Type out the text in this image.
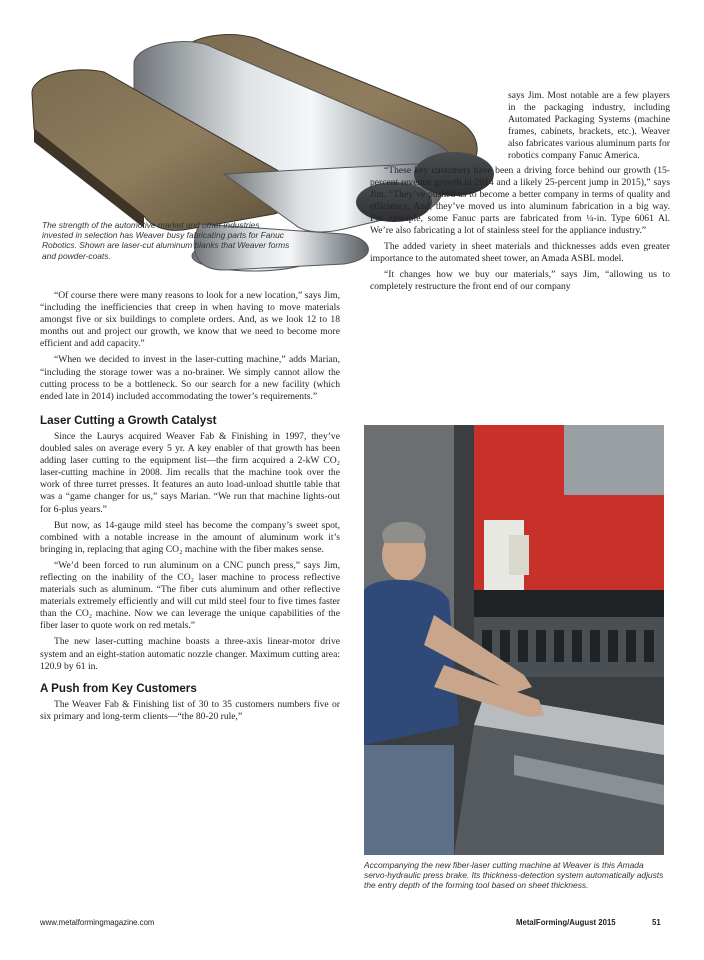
The strength of the automotive market and other industries invested in selection has Weaver busy fabricating parts for Fanuc Robotics. Shown are laser-cut aluminum blanks that Weaver forms and powder-coats.

says Jim. Most notable are a few players in the packaging industry, including Automated Packaging Systems (machine frames, cabinets, brackets, etc.). Weaver also fabricates various aluminum parts for robotics company Fanuc America.

“These key customers have been a driving force behind our growth (15-percent revenue growth in 2014 and a likely 25-percent jump in 2015),” says Jim. “They’ve pushed us to become a better company in terms of quality and efficiency. And, they’ve moved us into aluminum fabrication in a big way. For example, some Fanuc parts are fabricated from ¼-in. Type 6061 Al. We’re also fabricating a lot of stainless steel for the appliance industry.”

The added variety in sheet materials and thicknesses adds even greater importance to the automated sheet tower, an Amada ASBL model.

“It changes how we buy our materials,” says Jim, “allowing us to completely restructure the front end of our company

“Of course there were many reasons to look for a new location,” says Jim, “including the inefficiencies that creep in when having to move materials amongst five or six buildings to complete orders. And, as we look 12 to 18 months out and project our growth, we know that we need to become more efficient and add capacity.”

“When we decided to invest in the laser-cutting machine,” adds Marian, “including the storage tower was a no-brainer. We simply cannot allow the cutting process to be a bottleneck. So our search for a new facility (which ended late in 2014) included accommodating the tower’s requirements.”

Laser Cutting a Growth Catalyst

Since the Laurys acquired Weaver Fab & Finishing in 1997, they’ve doubled sales on average every 5 yr. A key enabler of that growth has been adding laser cutting to the equipment list—the firm acquired a 2-kW CO₂ laser-cutting machine in 2008. Jim recalls that the machine took over the work of three turret presses. It features an auto load-unload shuttle table that was a “game changer for us,” says Marian. “We run that machine lights-out for 6-plus years.”

But now, as 14-gauge mild steel has become the company’s sweet spot, combined with a notable increase in the amount of aluminum work it’s bringing in, replacing that aging CO₂ machine with the fiber makes sense.

“We’d been forced to run aluminum on a CNC punch press,” says Jim, reflecting on the inability of the CO₂ laser machine to process reflective materials such as aluminum. “The fiber cuts aluminum and other reflective materials extremely efficiently and will cut mild steel four to five times faster than the CO₂ machine. Now we can leverage the unique capabilities of the fiber laser to quote work on red metals.”

The new laser-cutting machine boasts a three-axis linear-motor drive system and an eight-station automatic nozzle changer. Maximum cutting area: 120.9 by 61 in.

A Push from Key Customers

The Weaver Fab & Finishing list of 30 to 35 customers numbers five or six primary and long-term clients—“the 80-20 rule,”

Accompanying the new fiber-laser cutting machine at Weaver is this Amada servo-hydraulic press brake. Its thickness-detection system automatically adjusts the entry depth of the forming tool based on sheet thickness.
www.metalformingmagazine.com	MetalForming/August 2015	51
